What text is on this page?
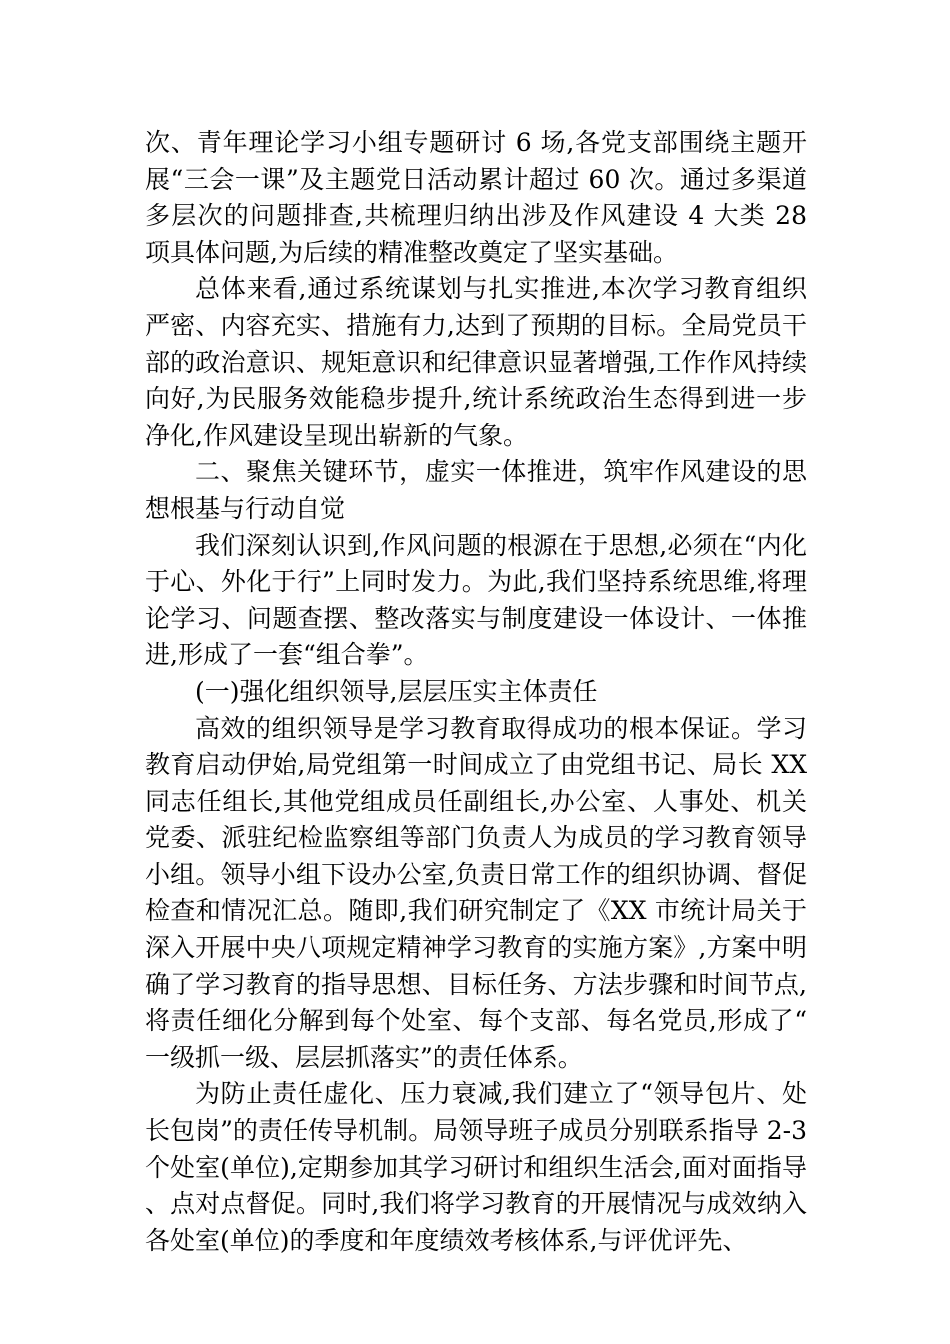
次、青年理论学习小组专题研讨 6 场,各党支部围绕主题开展“三会一课”及主题党日活动累计超过 60 次。通过多渠道多层次的问题排查,共梳理归纳出涉及作风建设 4 大类 28 项具体问题,为后续的精准整改奠定了坚实基础。

总体来看,通过系统谋划与扎实推进,本次学习教育组织严密、内容充实、措施有力,达到了预期的目标。全局党员干部的政治意识、规矩意识和纪律意识显著增强,工作作风持续向好,为民服务效能稳步提升,统计系统政治生态得到进一步净化,作风建设呈现出崭新的气象。

二、聚焦关键环节，虚实一体推进，筑牢作风建设的思想根基与行动自觉

我们深刻认识到,作风问题的根源在于思想,必须在“内化于心、外化于行”上同时发力。为此,我们坚持系统思维,将理论学习、问题查摆、整改落实与制度建设一体设计、一体推进,形成了一套“组合拳”。

(一)强化组织领导,层层压实主体责任

高效的组织领导是学习教育取得成功的根本保证。学习教育启动伊始,局党组第一时间成立了由党组书记、局长 XX 同志任组长,其他党组成员任副组长,办公室、人事处、机关党委、派驻纪检监察组等部门负责人为成员的学习教育领导小组。领导小组下设办公室,负责日常工作的组织协调、督促检查和情况汇总。随即,我们研究制定了《XX 市统计局关于深入开展中央八项规定精神学习教育的实施方案》,方案中明确了学习教育的指导思想、目标任务、方法步骤和时间节点,将责任细化分解到每个处室、每个支部、每名党员,形成了“一级抓一级、层层抓落实”的责任体系。

为防止责任虚化、压力衰减,我们建立了“领导包片、处长包岗”的责任传导机制。局领导班子成员分别联系指导 2-3 个处室(单位),定期参加其学习研讨和组织生活会,面对面指导、点对点督促。同时,我们将学习教育的开展情况与成效纳入各处室(单位)的季度和年度绩效考核体系,与评优评先、
